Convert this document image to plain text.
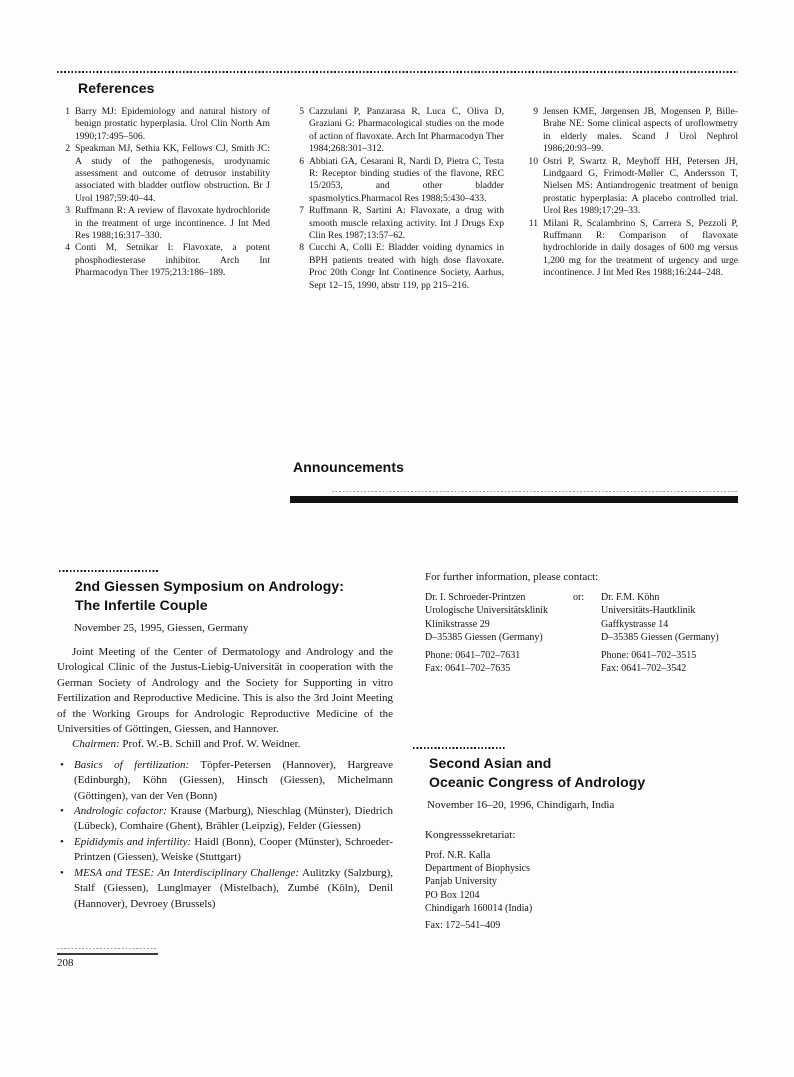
References
1 Barry MJ: Epidemiology and natural history of benign prostatic hyperplasia. Urol Clin North Am 1990;17:495–506.
2 Speakman MJ, Sethia KK, Fellows CJ, Smith JC: A study of the pathogenesis, urodynamic assessment and outcome of detrusor instability associated with bladder outflow obstruction. Br J Urol 1987;59:40–44.
3 Ruffmann R: A review of flavoxate hydrochloride in the treatment of urge incontinence. J Int Med Res 1988;16:317–330.
4 Conti M, Setnikar I: Flavoxate, a potent phosphodiesterase inhibitor. Arch Int Pharmacodyn Ther 1975;213:186–189.
5 Cazzulani P, Panzarasa R, Luca C, Oliva D, Graziani G: Pharmacological studies on the mode of action of flavoxate. Arch Int Pharmacodyn Ther 1984;268:301–312.
6 Abbiati GA, Cesarani R, Nardi D, Pietra C, Testa R: Receptor binding studies of the flavone, REC 15/2053, and other bladder spasmolytics.Pharmacol Res 1988;5:430–433.
7 Ruffmann R, Sartini A: Flavoxate, a drug with smooth muscle relaxing activity. Int J Drugs Exp Clin Res 1987;13:57–62.
8 Cucchi A, Colli E: Bladder voiding dynamics in BPH patients treated with high dose flavoxate. Proc 20th Congr Int Continence Society, Aarhus, Sept 12–15, 1990, abstr 119, pp 215–216.
9 Jensen KME, Jørgensen JB, Mogensen P, Bille-Brahe NE: Some clinical aspects of uroflowmetry in elderly males. Scand J Urol Nephrol 1986;20:93–99.
10 Ostri P, Swartz R, Meyhoff HH, Petersen JH, Lindgaard G, Frimodt-Møller C, Andersson T, Nielsen MS: Antiandrogenic treatment of benign prostatic hyperplasia: A placebo controlled trial. Urol Res 1989;17:29–33.
11 Milani R, Scalambrino S, Carrera S, Pezzoli P, Ruffmann R: Comparison of flavoxate hydrochloride in daily dosages of 600 mg versus 1,200 mg for the treatment of urgency and urge incontinence. J Int Med Res 1988;16:244–248.
Announcements
2nd Giessen Symposium on Andrology:
The Infertile Couple
November 25, 1995, Giessen, Germany
Joint Meeting of the Center of Dermatology and Andrology and the Urological Clinic of the Justus-Liebig-Universität in cooperation with the German Society of Andrology and the Society for Supporting in vitro Fertilization and Reproductive Medicine. This is also the 3rd Joint Meeting of the Working Groups for Andrologic Reproductive Medicine of the Universities of Göttingen, Giessen, and Hannover.
Chairmen: Prof. W.-B. Schill and Prof. W. Weidner.
•
Basics of fertilization: Töpfer-Petersen (Hannover), Hargreave (Edinburgh), Köhn (Giessen), Hinsch (Giessen), Michelmann (Göttingen), van der Ven (Bonn)
•
Andrologic cofactor: Krause (Marburg), Nieschlag (Münster), Diedrich (Lübeck), Comhaire (Ghent), Brähler (Leipzig), Felder (Giessen)
•
Epididymis and infertility: Haidl (Bonn), Cooper (Münster), Schroeder-Printzen (Giessen), Weiske (Stuttgart)
•
MESA and TESE: An Interdisciplinary Challenge: Aulitzky (Salzburg), Stalf (Giessen), Lunglmayer (Mistelbach), Zumbé (Köln), Denil (Hannover), Devroey (Brussels)
For further information, please contact:
Dr. I. Schroeder-Printzen
Urologische Universitätsklinik
Klinikstrasse 29
D–35385 Giessen (Germany)
Phone: 0641–702–7631
Fax: 0641–702–7635
or:	Dr. F.M. Köhn
Universitäts-Hautklinik
Gaffkystrasse 14
D–35385 Giessen (Germany)
Phone: 0641–702–3515
Fax: 0641–702–3542
Second Asian and
Oceanic Congress of Andrology
November 16–20, 1996, Chindigarh, India
Kongresssekretariat:
Prof. N.R. Kalla
Department of Biophysics
Panjab University
PO Box 1204
Chindigarh 160014 (India)
Fax: 172–541–409
208
